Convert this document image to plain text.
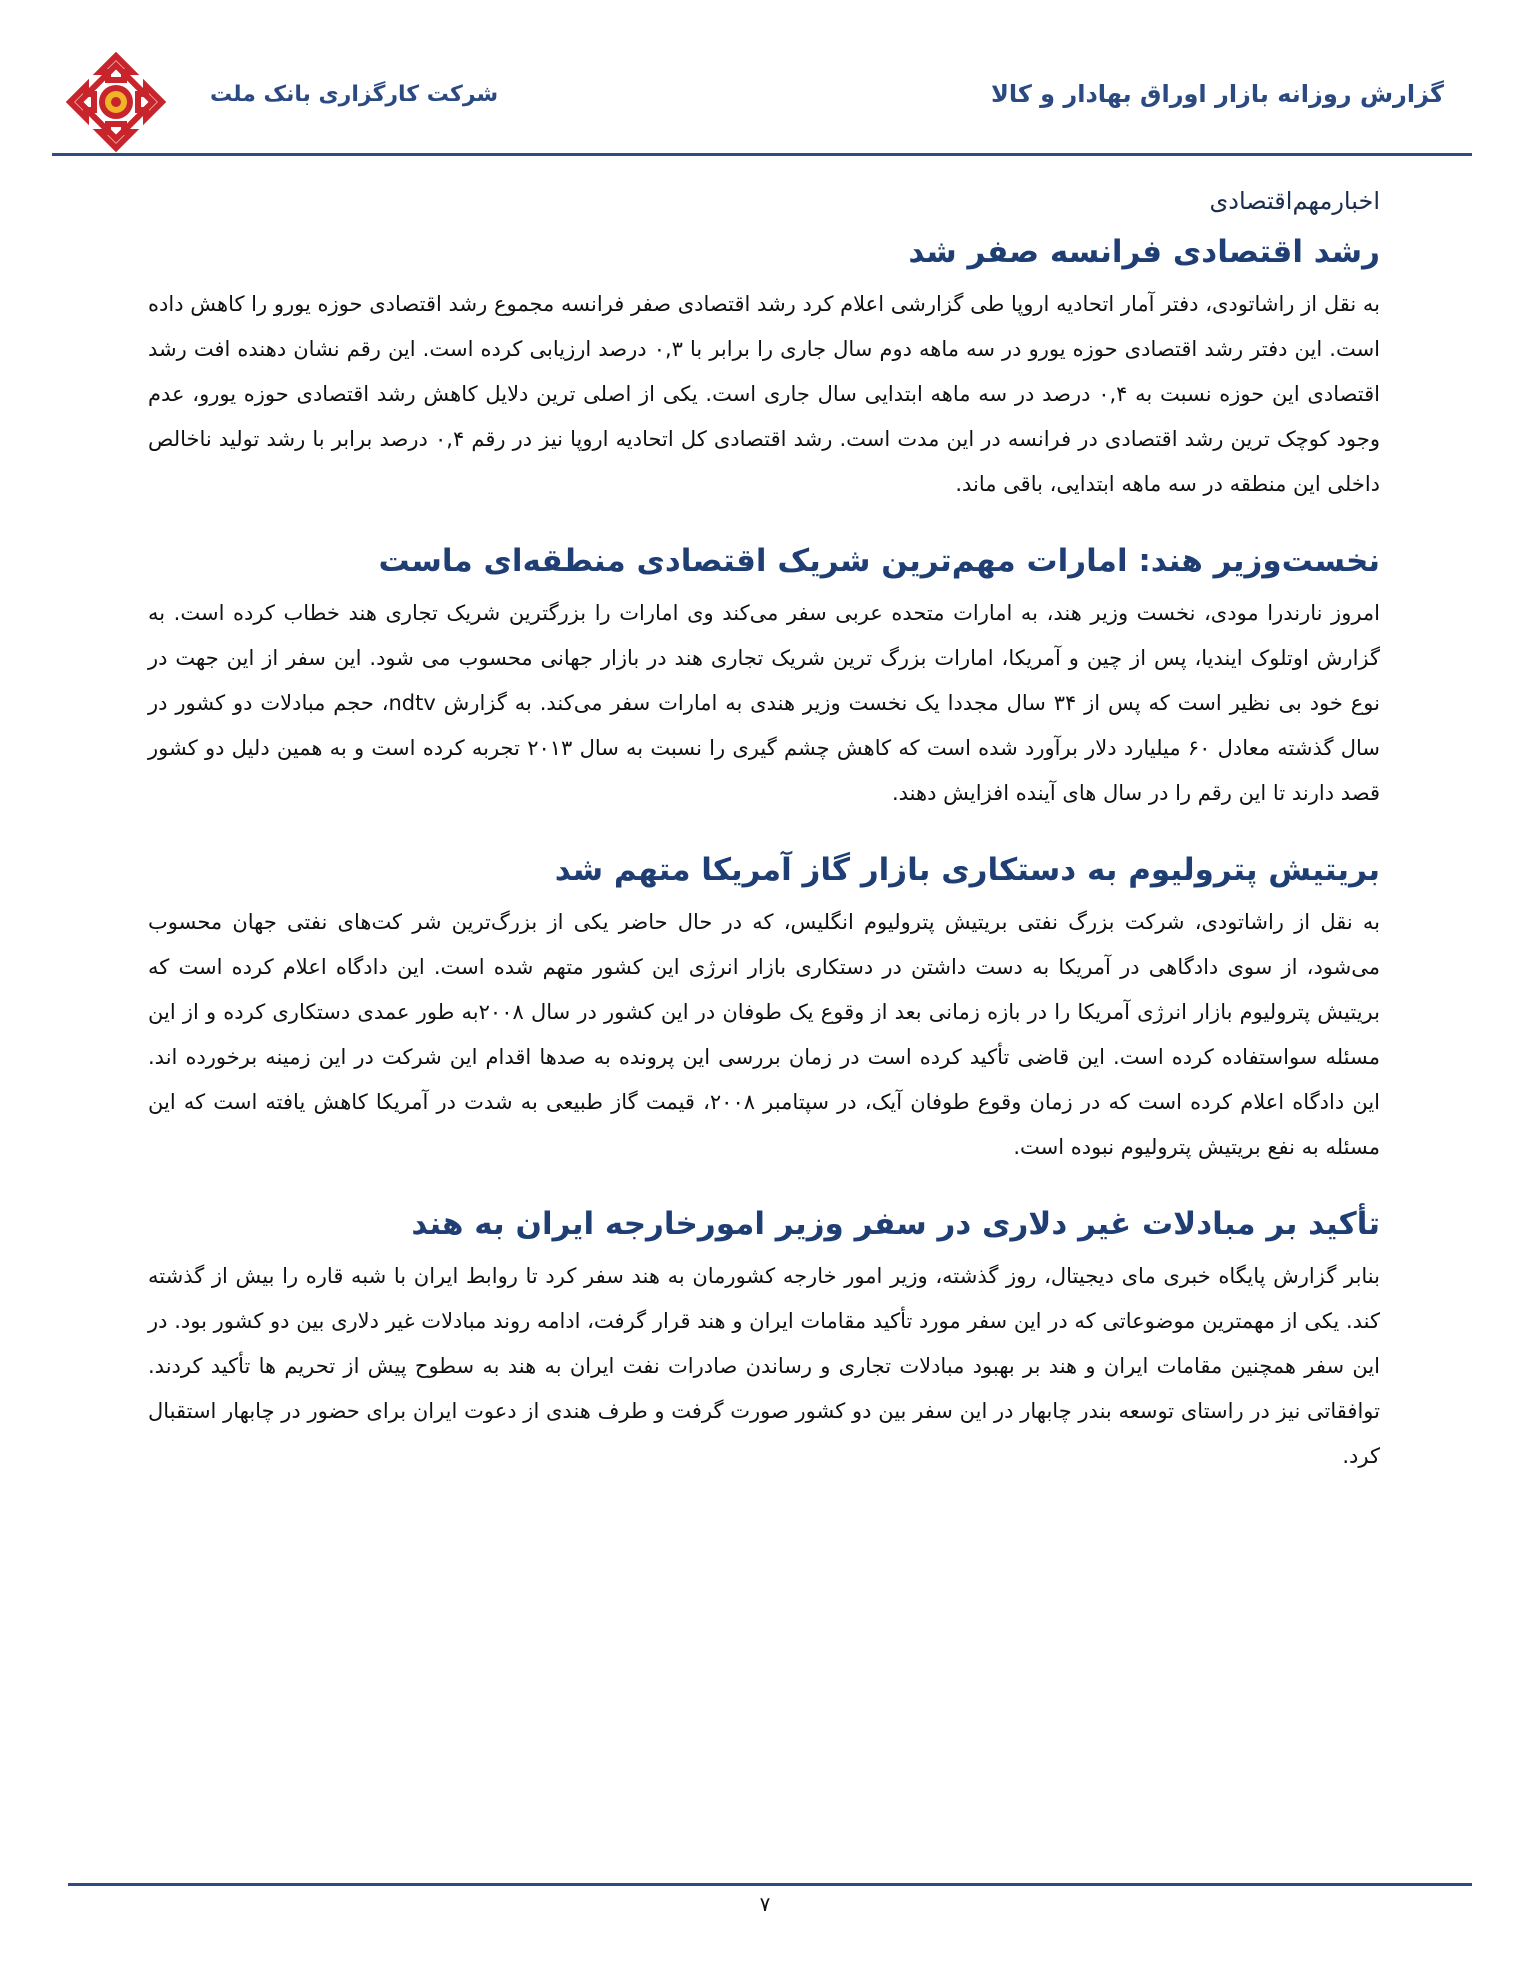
گزارش روزانه بازار اوراق بهادار و کالا
شرکت کارگزاری بانک ملت
اخبارمهم‌اقتصادی
رشد اقتصادی فرانسه صفر شد

به نقل از راشاتودی، دفتر آمار اتحادیه اروپا طی گزارشی اعلام کرد رشد اقتصادی صفر فرانسه مجموع رشد اقتصادی حوزه یورو را کاهش داده است. این دفتر رشد اقتصادی حوزه یورو در سه ماهه دوم سال جاری را برابر با ۰,۳ درصد ارزیابی کرده است. این رقم نشان دهنده افت رشد اقتصادی این حوزه نسبت به ۰,۴ درصد در سه ماهه ابتدایی سال جاری است. یکی از اصلی ترین دلایل کاهش رشد اقتصادی حوزه یورو، عدم وجود کوچک ترین رشد اقتصادی در فرانسه در این مدت است. رشد اقتصادی کل اتحادیه اروپا نیز در رقم ۰,۴ درصد برابر با رشد تولید ناخالص داخلی این منطقه در سه ماهه ابتدایی، باقی ماند.

نخست‌وزیر هند: امارات مهم‌ترین شریک اقتصادی منطقه‌ای ماست

امروز نارندرا مودی، نخست وزیر هند، به امارات متحده عربی سفر می‌کند وی امارات را بزرگترین شریک تجاری هند خطاب کرده است. به گزارش اوتلوک ایندیا، پس از چین و آمریکا، امارات بزرگ ترین شریک تجاری هند در بازار جهانی محسوب می شود. این سفر از این جهت در نوع خود بی نظیر است که پس از ۳۴ سال مجددا یک نخست وزیر هندی به امارات سفر می‌کند. به گزارش ndtv، حجم مبادلات دو کشور در سال گذشته معادل ۶۰ میلیارد دلار برآورد شده است که کاهش چشم گیری را نسبت به سال ۲۰۱۳ تجربه کرده است و به همین دلیل دو کشور قصد دارند تا این رقم را در سال های آینده افزایش دهند.

بریتیش پترولیوم به دستکاری بازار گاز آمریکا متهم شد

به نقل از راشاتودی، شرکت بزرگ نفتی بریتیش پترولیوم انگلیس، که در حال حاضر یکی از بزرگ‌ترین شر کت‌های نفتی جهان محسوب می‌شود، از سوی دادگاهی در آمریکا به دست داشتن در دستکاری بازار انرژی این کشور متهم شده است. این دادگاه اعلام کرده است که بریتیش پترولیوم بازار انرژی آمریکا را در بازه زمانی بعد از وقوع یک طوفان در این کشور در سال ۲۰۰۸به طور عمدی دستکاری کرده و از این مسئله سواستفاده کرده است. این قاضی تأکید کرده است در زمان بررسی این پرونده به صدها اقدام این شرکت در این زمینه برخورده اند. این دادگاه اعلام کرده است که در زمان وقوع طوفان آیک، در سپتامبر ۲۰۰۸، قیمت گاز طبیعی به شدت در آمریکا کاهش یافته است که این مسئله به نفع بریتیش پترولیوم نبوده است.

تأکید بر مبادلات غیر دلاری در سفر وزیر امورخارجه ایران به هند

بنابر گزارش پایگاه خبری مای دیجیتال، روز گذشته، وزیر امور خارجه کشورمان به هند سفر کرد تا روابط ایران با شبه قاره را بیش از گذشته کند. یکی از مهمترین موضوعاتی که در این سفر مورد تأکید مقامات ایران و هند قرار گرفت، ادامه روند مبادلات غیر دلاری بین دو کشور بود. در این سفر همچنین مقامات ایران و هند بر بهبود مبادلات تجاری و رساندن صادرات نفت ایران به هند به سطوح پیش از تحریم ها تأکید کردند. توافقاتی نیز در راستای توسعه بندر چابهار در این سفر بین دو کشور صورت گرفت و طرف هندی از دعوت ایران برای حضور در چابهار استقبال کرد.

۷
